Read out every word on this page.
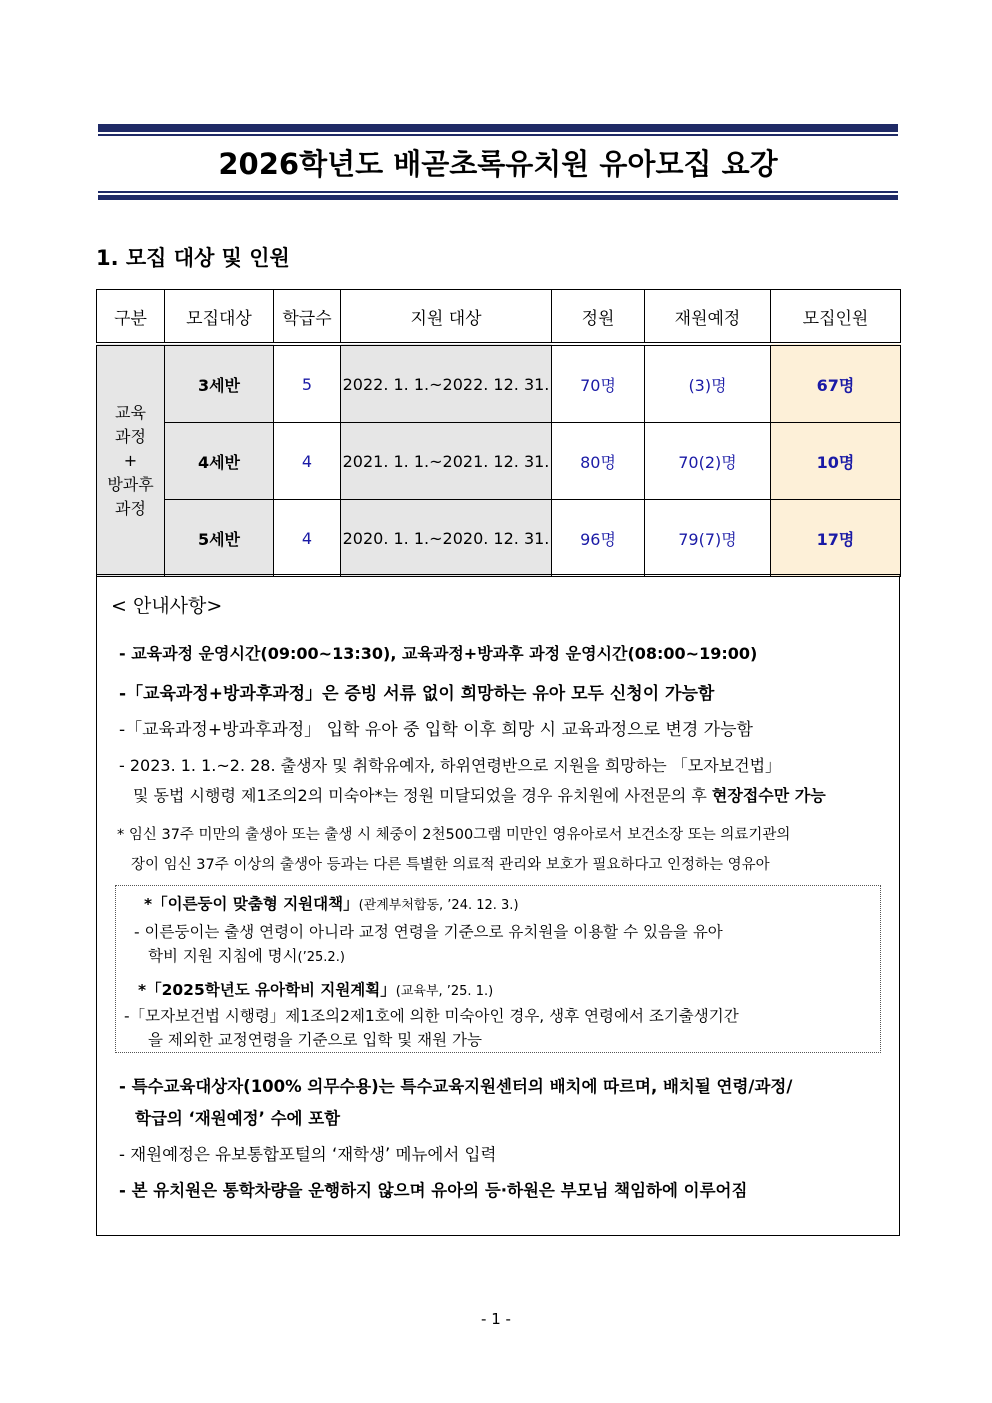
2026학년도 배곧초록유치원 유아모집 요강
1. 모집 대상 및 인원
구분	모집대상	학급수	지원 대상	정원	재원예정	모집인원

교육
과정
+
방과후
과정	3세반	5	2022. 1. 1.~2022. 12. 31.	70명	(3)명	67명
	4세반	4	2021. 1. 1.~2021. 12. 31.	80명	70(2)명	10명
	5세반	4	2020. 1. 1.~2020. 12. 31.	96명	79(7)명	17명
< 안내사항>
- 교육과정 운영시간(09:00~13:30), 교육과정+방과후 과정 운영시간(08:00~19:00)
-「교육과정+방과후과정」은 증빙 서류 없이 희망하는 유아 모두 신청이 가능함
-「교육과정+방과후과정」 입학 유아 중 입학 이후 희망 시 교육과정으로 변경 가능함
- 2023. 1. 1.~2. 28. 출생자 및 취학유예자, 하위연령반으로 지원을 희망하는 「모자보건법」
및 동법 시행령 제1조의2의 미숙아*는 정원 미달되었을 경우 유치원에 사전문의 후 현장접수만 가능
* 임신 37주 미만의 출생아 또는 출생 시 체중이 2천500그램 미만인 영유아로서 보건소장 또는 의료기관의
장이 임신 37주 이상의 출생아 등과는 다른 특별한 의료적 관리와 보호가 필요하다고 인정하는 영유아
*「이른둥이 맞춤형 지원대책」(관계부처합동, ’24. 12. 3.)
- 이른둥이는 출생 연령이 아니라 교정 연령을 기준으로 유치원을 이용할 수 있음을 유아
학비 지원 지침에 명시(’25.2.)
*「2025학년도 유아학비 지원계획」(교육부, ’25. 1.)
-「모자보건법 시행령」제1조의2제1호에 의한 미숙아인 경우, 생후 연령에서 조기출생기간
을 제외한 교정연령을 기준으로 입학 및 재원 가능
- 특수교육대상자(100% 의무수용)는 특수교육지원센터의 배치에 따르며, 배치될 연령/과정/
학급의 ‘재원예정’ 수에 포함
- 재원예정은 유보통합포털의 ‘재학생’ 메뉴에서 입력
- 본 유치원은 통학차량을 운행하지 않으며 유아의 등·하원은 부모님 책임하에 이루어짐
- 1 -
